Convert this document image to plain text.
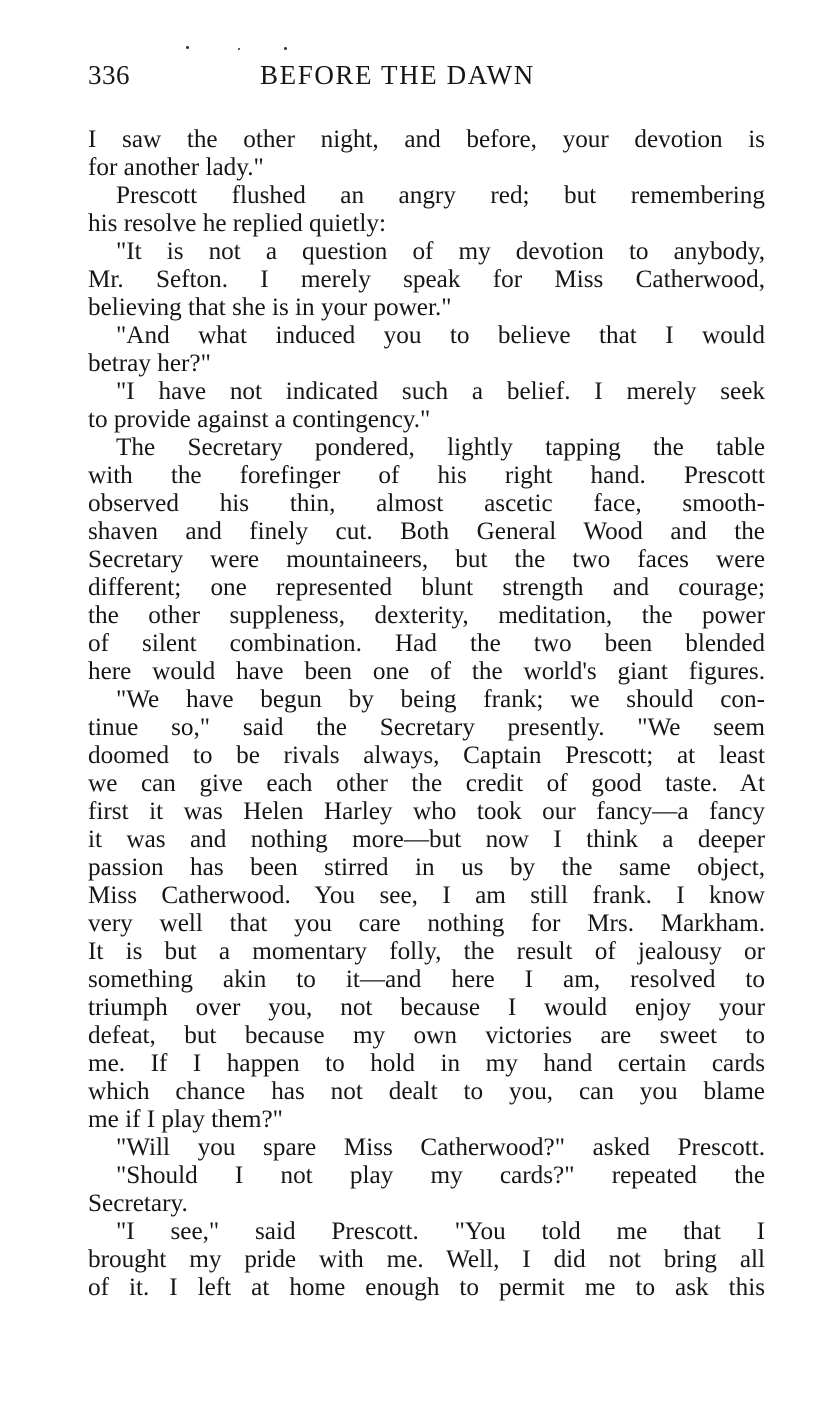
336	BEFORE THE DAWN
I saw the other night, and before, your devotion is
for another lady."
Prescott flushed an angry red; but remembering
his resolve he replied quietly:
"It is not a question of my devotion to anybody,
Mr. Sefton. I merely speak for Miss Catherwood,
believing that she is in your power."
"And what induced you to believe that I would
betray her?"
"I have not indicated such a belief. I merely seek
to provide against a contingency."
The Secretary pondered, lightly tapping the table
with the forefinger of his right hand. Prescott
observed his thin, almost ascetic face, smooth-
shaven and finely cut. Both General Wood and the
Secretary were mountaineers, but the two faces were
different; one represented blunt strength and courage;
the other suppleness, dexterity, meditation, the power
of silent combination. Had the two been blended
here would have been one of the world's giant figures.
"We have begun by being frank; we should con-
tinue so," said the Secretary presently. "We seem
doomed to be rivals always, Captain Prescott; at least
we can give each other the credit of good taste. At
first it was Helen Harley who took our fancy—a fancy
it was and nothing more—but now I think a deeper
passion has been stirred in us by the same object,
Miss Catherwood. You see, I am still frank. I know
very well that you care nothing for Mrs. Markham.
It is but a momentary folly, the result of jealousy or
something akin to it—and here I am, resolved to
triumph over you, not because I would enjoy your
defeat, but because my own victories are sweet to
me. If I happen to hold in my hand certain cards
which chance has not dealt to you, can you blame
me if I play them?"
"Will you spare Miss Catherwood?" asked Prescott.
"Should I not play my cards?" repeated the
Secretary.
"I see," said Prescott. "You told me that I
brought my pride with me. Well, I did not bring all
of it. I left at home enough to permit me to ask this
